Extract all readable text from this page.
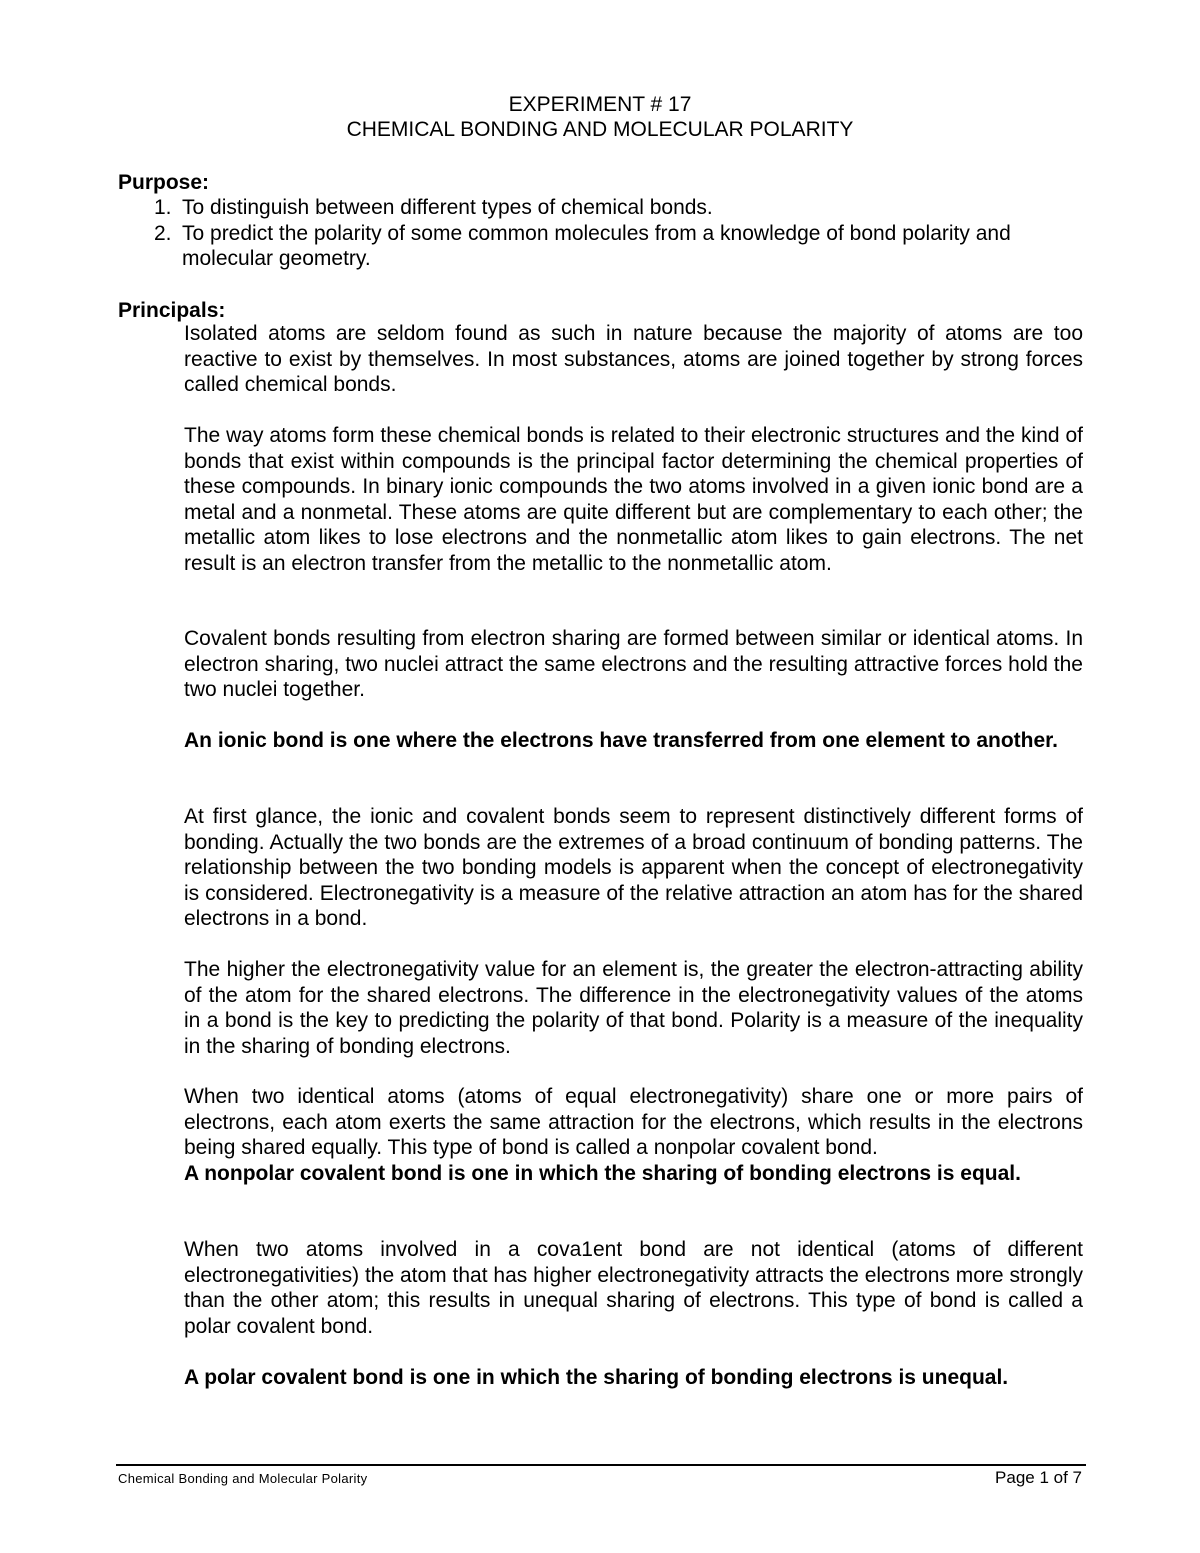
EXPERIMENT # 17
CHEMICAL BONDING AND MOLECULAR POLARITY
Purpose:
1. To distinguish between different types of chemical bonds.
2. To predict the polarity of some common molecules from a knowledge of bond polarity and molecular geometry.
Principals:

Isolated atoms are seldom found as such in nature because the majority of atoms are too reactive to exist by themselves. In most substances, atoms are joined together by strong forces called chemical bonds.

The way atoms form these chemical bonds is related to their electronic structures and the kind of bonds that exist within compounds is the principal factor determining the chemical properties of these compounds. In binary ionic compounds the two atoms involved in a given ionic bond are a metal and a nonmetal. These atoms are quite different but are complementary to each other; the metallic atom likes to lose electrons and the nonmetallic atom likes to gain electrons. The net result is an electron transfer from the metallic to the nonmetallic atom.

Covalent bonds resulting from electron sharing are formed between similar or identical atoms. In electron sharing, two nuclei attract the same electrons and the resulting attractive forces hold the two nuclei together.

An ionic bond is one where the electrons have transferred from one element to another.

At first glance, the ionic and covalent bonds seem to represent distinctively different forms of bonding. Actually the two bonds are the extremes of a broad continuum of bonding patterns. The relationship between the two bonding models is apparent when the concept of electronegativity is considered. Electronegativity is a measure of the relative attraction an atom has for the shared electrons in a bond.

The higher the electronegativity value for an element is, the greater the electron-attracting ability of the atom for the shared electrons. The difference in the electronegativity values of the atoms in a bond is the key to predicting the polarity of that bond. Polarity is a measure of the inequality in the sharing of bonding electrons.

When two identical atoms (atoms of equal electronegativity) share one or more pairs of electrons, each atom exerts the same attraction for the electrons, which results in the electrons being shared equally. This type of bond is called a nonpolar covalent bond.

A nonpolar covalent bond is one in which the sharing of bonding electrons is equal.

When two atoms involved in a cova1ent bond are not identical (atoms of different electronegativities) the atom that has higher electronegativity attracts the electrons more strongly than the other atom; this results in unequal sharing of electrons. This type of bond is called a polar covalent bond.

A polar covalent bond is one in which the sharing of bonding electrons is unequal.

Chemical Bonding and Molecular Polarity	Page 1 of 7
